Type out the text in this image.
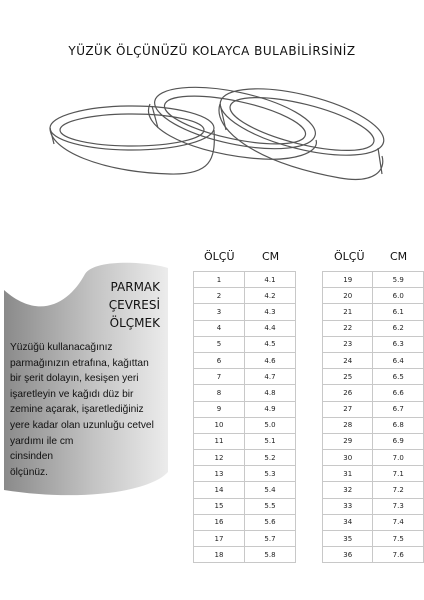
YÜZÜK ÖLÇÜNÜZÜ KOLAYCA BULABİLİRSİNİZ
PARMAK
ÇEVRESİ
ÖLÇMEK
Yüzüğü kullanacağınız
parmağınızın etrafına, kağıttan
bir şerit dolayın, kesişen yeri
işaretleyin ve kağıdı düz bir
zemine açarak, işaretlediğiniz
yere kadar olan uzunluğu cetvel
yardımı ile cm
cinsinden
ölçünüz.
ÖLÇÜ CM	ÖLÇÜ CM
1	4.1
2	4.2
3	4.3
4	4.4
5	4.5
6	4.6
7	4.7
8	4.8
9	4.9
10	5.0
11	5.1
12	5.2
13	5.3
14	5.4
15	5.5
16	5.6
17	5.7
18	5.8
19	5.9
20	6.0
21	6.1
22	6.2
23	6.3
24	6.4
25	6.5
26	6.6
27	6.7
28	6.8
29	6.9
30	7.0
31	7.1
32	7.2
33	7.3
34	7.4
35	7.5
36	7.6
